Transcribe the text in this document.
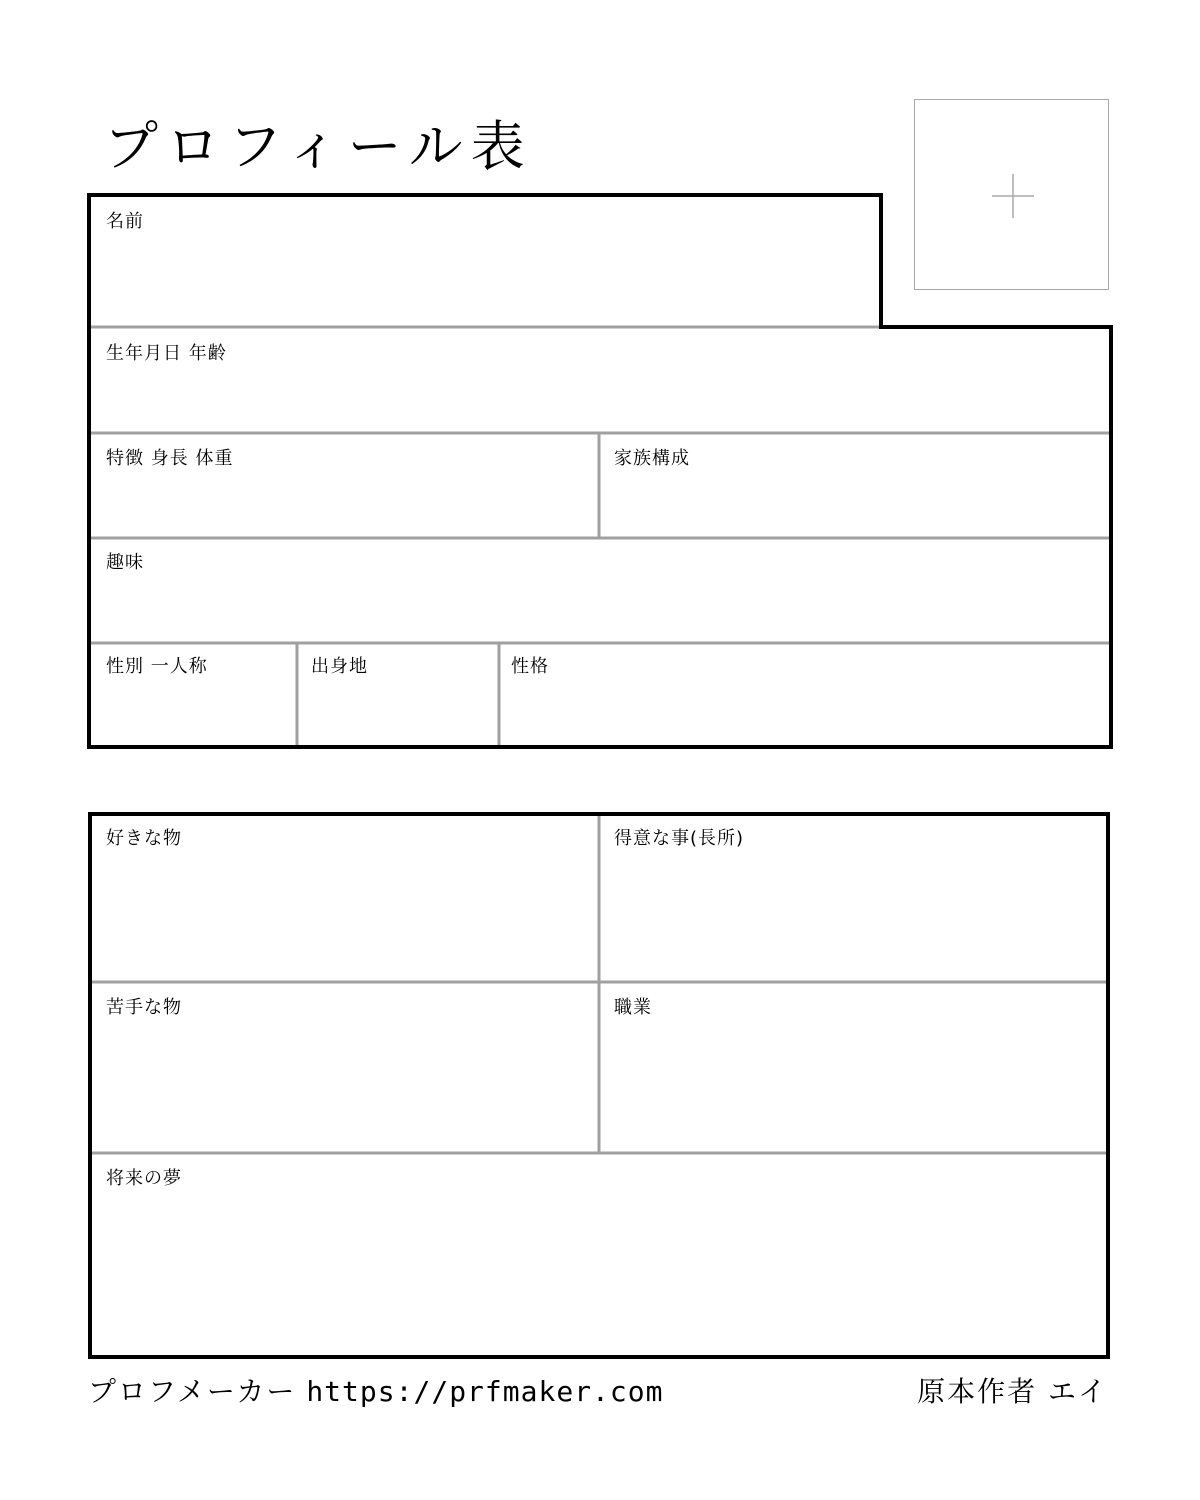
プロフィール表
名前
生年月日 年齢
特徴 身長 体重	家族構成
趣味
性別 一人称	出身地	性格
好きな物	得意な事(長所)
苦手な物	職業
将来の夢
プロフメーカー https://prfmaker.com	原本作者 エイ
